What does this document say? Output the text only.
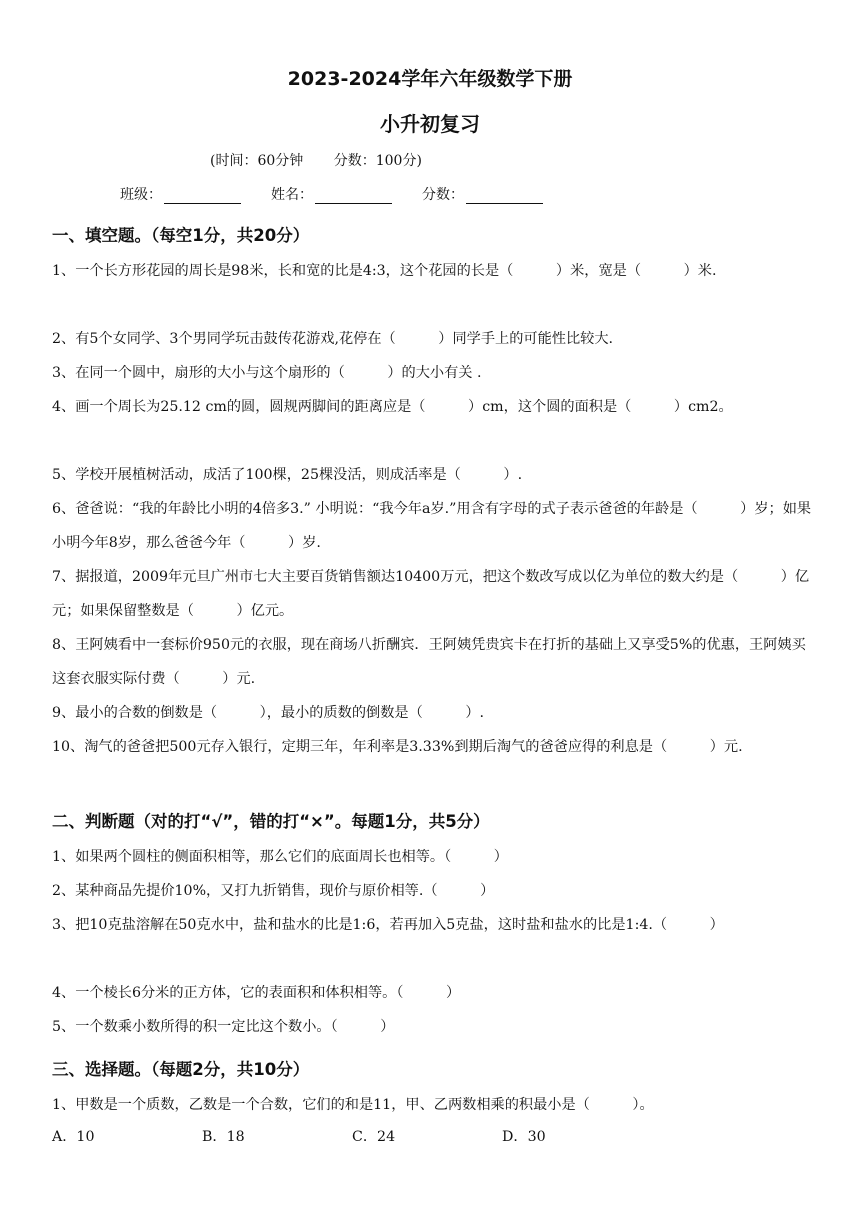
2023-2024学年六年级数学下册
小升初复习
(时间：60分钟 分数：100分)
班级：	姓名：	分数：
一、填空题。（每空1分，共20分）
1、一个长方形花园的周长是98米，长和宽的比是4:3，这个花园的长是（　　　）米，宽是（　　　）米.
2、有5个女同学、3个男同学玩击鼓传花游戏,花停在（　　　）同学手上的可能性比较大.
3、在同一个圆中，扇形的大小与这个扇形的（　　　）的大小有关 .
4、画一个周长为25.12 cm的圆，圆规两脚间的距离应是（　　　）cm，这个圆的面积是（　　　）cm2。
5、学校开展植树活动，成活了100棵，25棵没活，则成活率是（　　　）.
6、爸爸说：“我的年龄比小明的4倍多3.” 小明说：“我今年a岁.”用含有字母的式子表示爸爸的年龄是（　　　）岁；如果小明今年8岁，那么爸爸今年（　　　）岁.
7、据报道，2009年元旦广州市七大主要百货销售额达10400万元，把这个数改写成以亿为单位的数大约是（　　　）亿元；如果保留整数是（　　　）亿元。
8、王阿姨看中一套标价950元的衣服，现在商场八折酬宾．王阿姨凭贵宾卡在打折的基础上又享受5%的优惠，王阿姨买这套衣服实际付费（　　　）元.
9、最小的合数的倒数是（　　　），最小的质数的倒数是（　　　）.
10、淘气的爸爸把500元存入银行，定期三年，年利率是3.33%到期后淘气的爸爸应得的利息是（　　　）元.
二、判断题（对的打“√”，错的打“×”。每题1分，共5分）
1、如果两个圆柱的侧面积相等，那么它们的底面周长也相等。（　　　）
2、某种商品先提价10%，又打九折销售，现价与原价相等.（　　　）
3、把10克盐溶解在50克水中，盐和盐水的比是1:6，若再加入5克盐，这时盐和盐水的比是1:4.（　　　）
4、一个棱长6分米的正方体，它的表面积和体积相等。（　　　）
5、一个数乘小数所得的积一定比这个数小。（　　　）
三、选择题。（每题2分，共10分）
1、甲数是一个质数，乙数是一个合数，它们的和是11，甲、乙两数相乘的积最小是（　　　）。
A．10	B．18	C．24	D．30
